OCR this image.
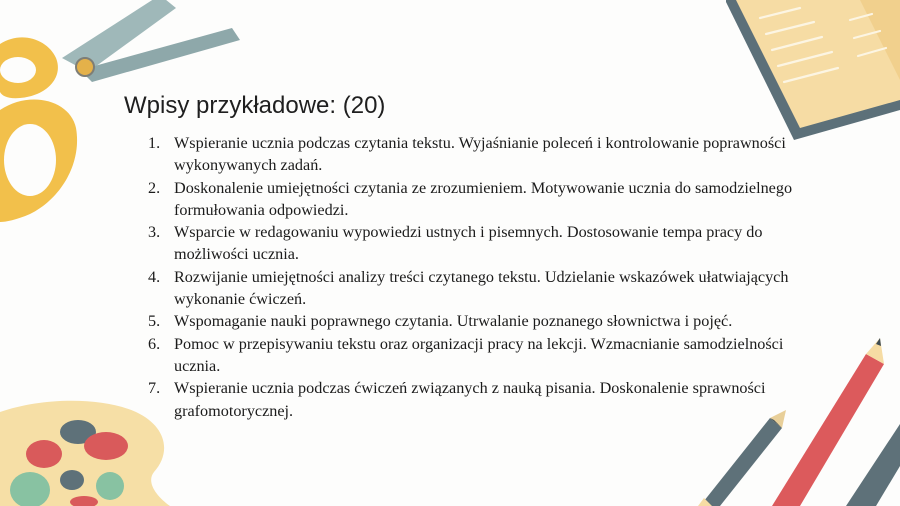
Wpisy przykładowe: (20)
1. Wspieranie ucznia podczas czytania tekstu. Wyjaśnianie poleceń i kontrolowanie poprawności wykonywanych zadań.
2. Doskonalenie umiejętności czytania ze zrozumieniem. Motywowanie ucznia do samodzielnego formułowania odpowiedzi.
3. Wsparcie w redagowaniu wypowiedzi ustnych i pisemnych. Dostosowanie tempa pracy do możliwości ucznia.
4. Rozwijanie umiejętności analizy treści czytanego tekstu. Udzielanie wskazówek ułatwiających wykonanie ćwiczeń.
5. Wspomaganie nauki poprawnego czytania. Utrwalanie poznanego słownictwa i pojęć.
6. Pomoc w przepisywaniu tekstu oraz organizacji pracy na lekcji. Wzmacnianie samodzielności ucznia.
7. Wspieranie ucznia podczas ćwiczeń związanych z nauką pisania. Doskonalenie sprawności grafomotorycznej.
